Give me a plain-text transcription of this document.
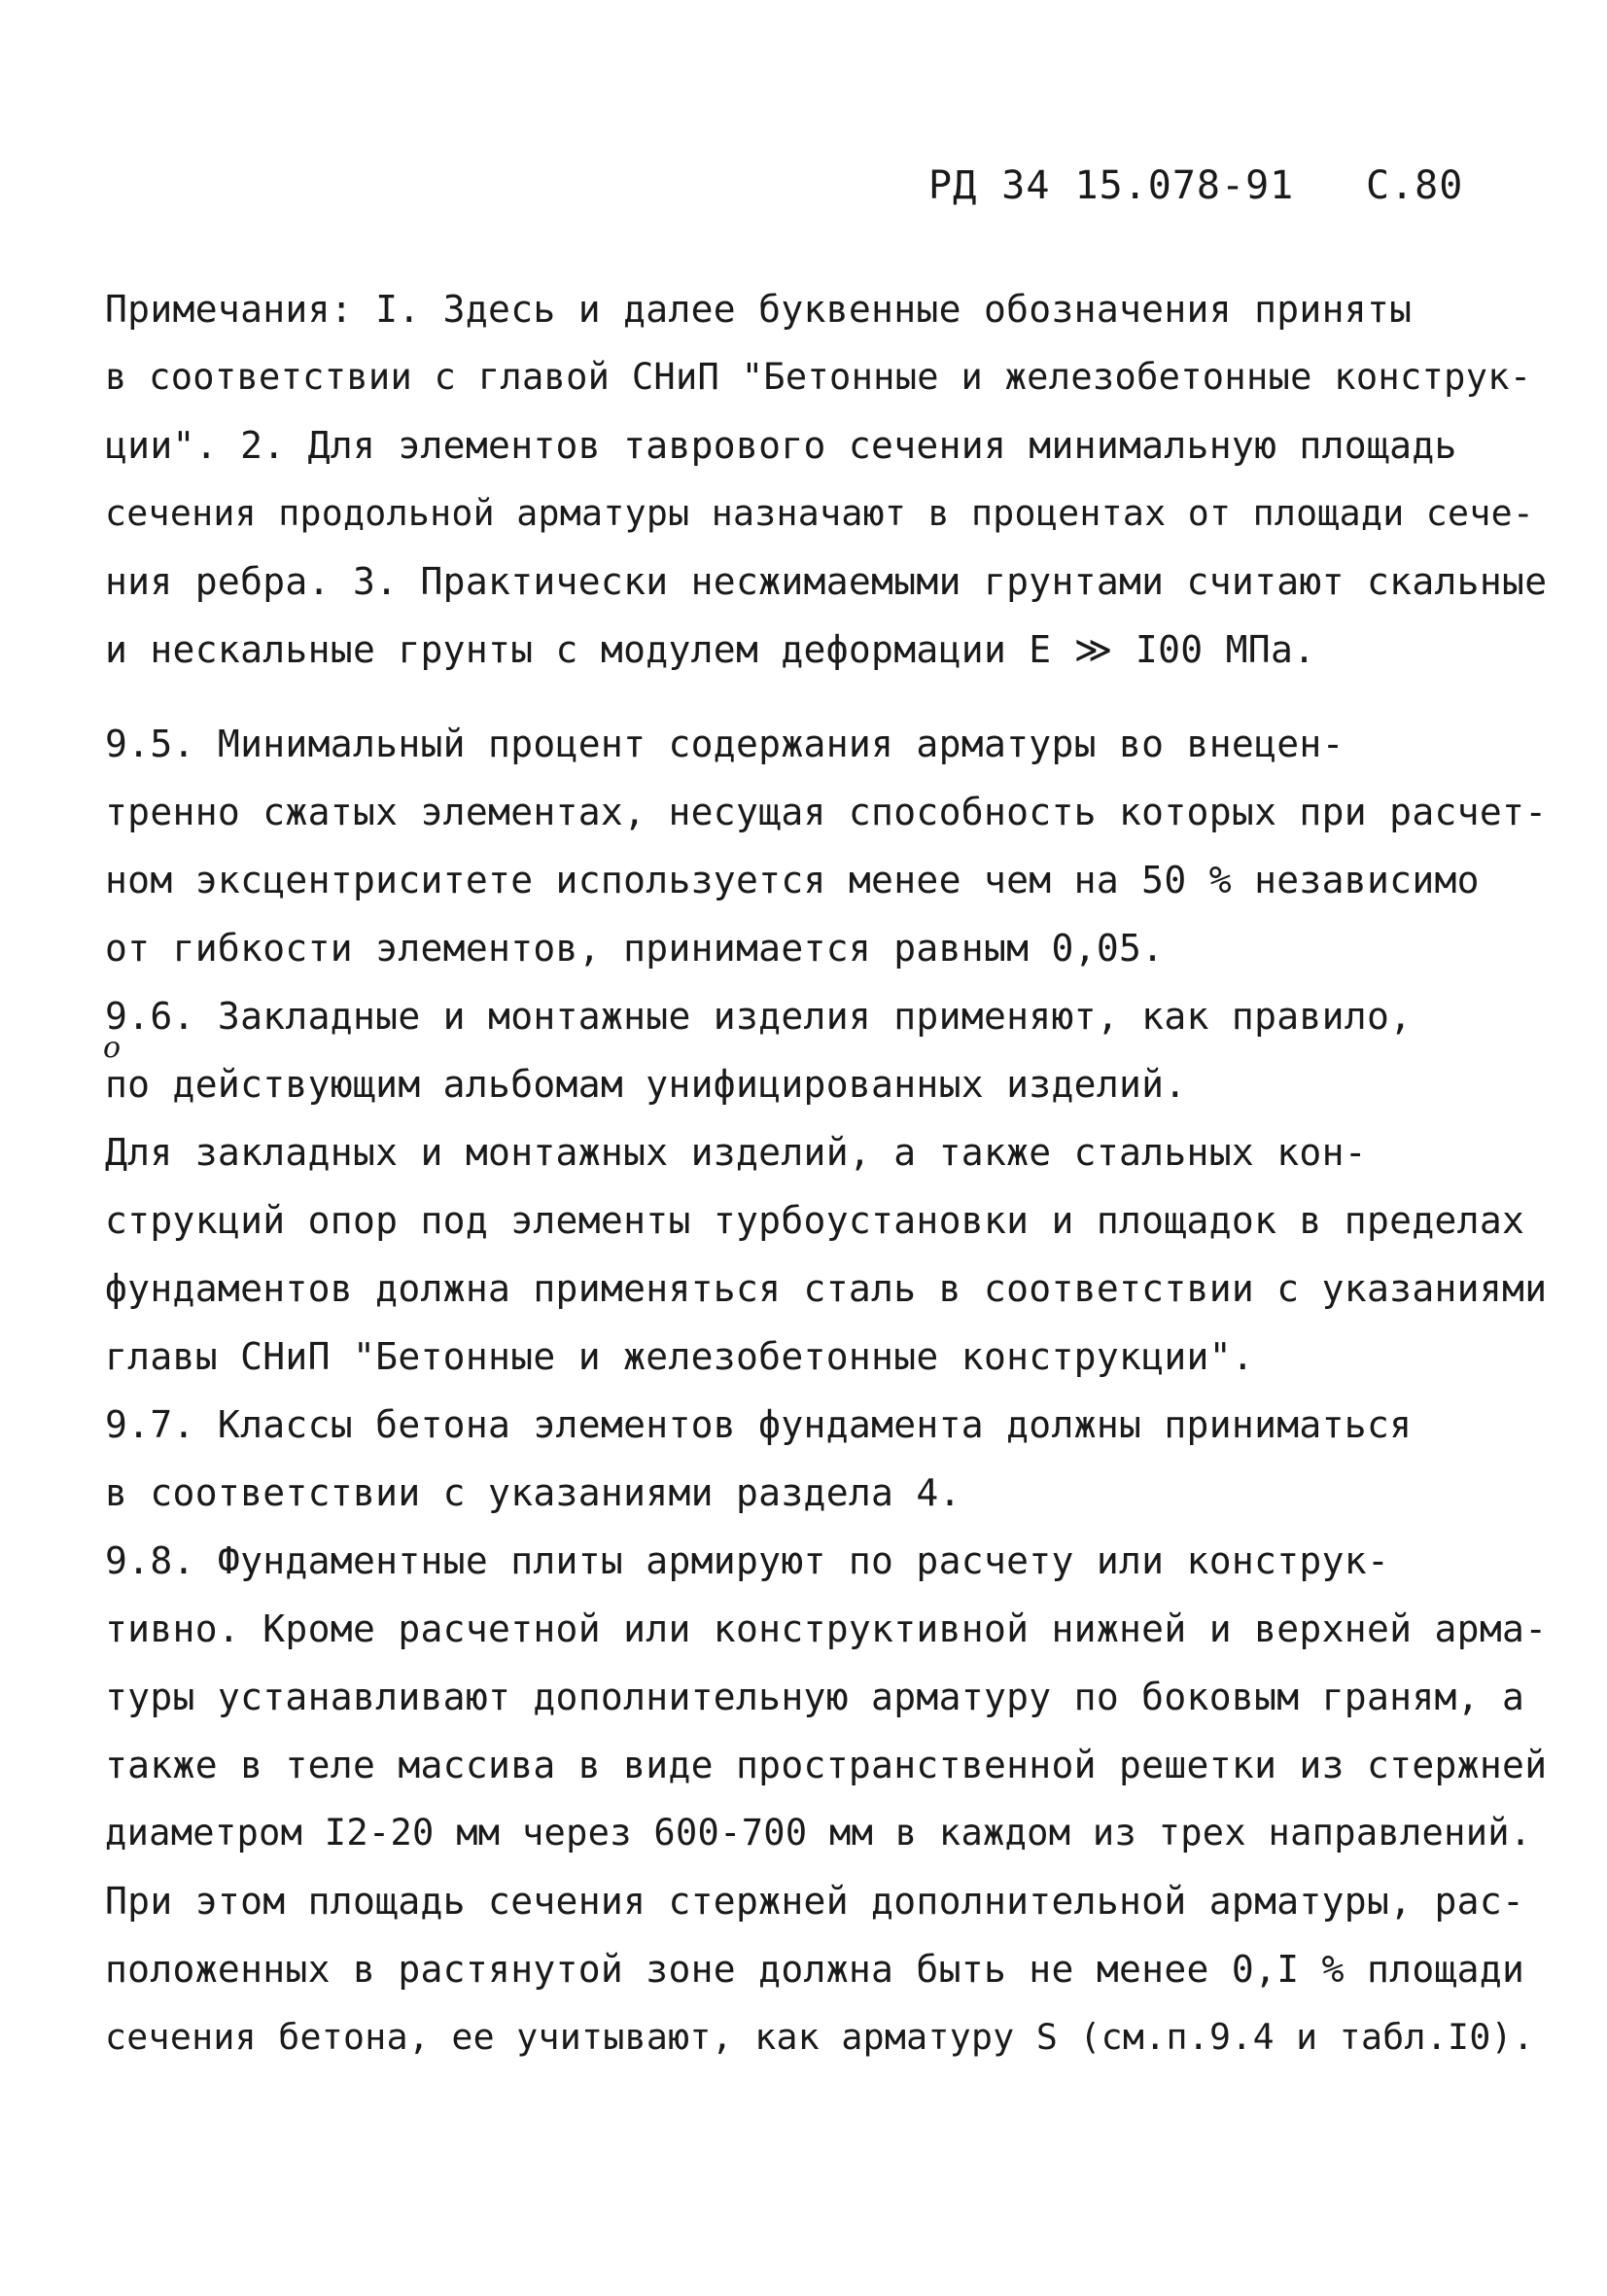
РД 34 15.078-91

С.80

о
Примечания: I. Здесь и далее буквенные обозначения приняты
в соответствии с главой СНиП "Бетонные и железобетонные конструк-
ции". 2. Для элементов таврового сечения минимальную площадь
сечения продольной арматуры назначают в процентах от площади сече-
ния ребра. 3. Практически несжимаемыми грунтами считают скальные
и нескальные грунты с модулем деформации E ≫ I00 МПа.
9.5. Минимальный процент содержания арматуры во внецен-
тренно сжатых элементах, несущая способность которых при расчет-
ном эксцентриситете используется менее чем на 50 % независимо
от гибкости элементов, принимается равным 0,05.
9.6. Закладные и монтажные изделия применяют, как правило,
по действующим альбомам унифицированных изделий.
Для закладных и монтажных изделий, а также стальных кон-
струкций опор под элементы турбоустановки и площадок в пределах
фундаментов должна применяться сталь в соответствии с указаниями
главы СНиП "Бетонные и железобетонные конструкции".
9.7. Классы бетона элементов фундамента должны приниматься
в соответствии с указаниями раздела 4.
9.8. Фундаментные плиты армируют по расчету или конструк-
тивно. Кроме расчетной или конструктивной нижней и верхней арма-
туры устанавливают дополнительную арматуру по боковым граням, а
также в теле массива в виде пространственной решетки из стержней
диаметром I2-20 мм через 600-700 мм в каждом из трех направлений.
При этом площадь сечения стержней дополнительной арматуры, рас-
положенных в растянутой зоне должна быть не менее 0,I % площади
сечения бетона, ее учитывают, как арматуру S (см.п.9.4 и табл.I0).
